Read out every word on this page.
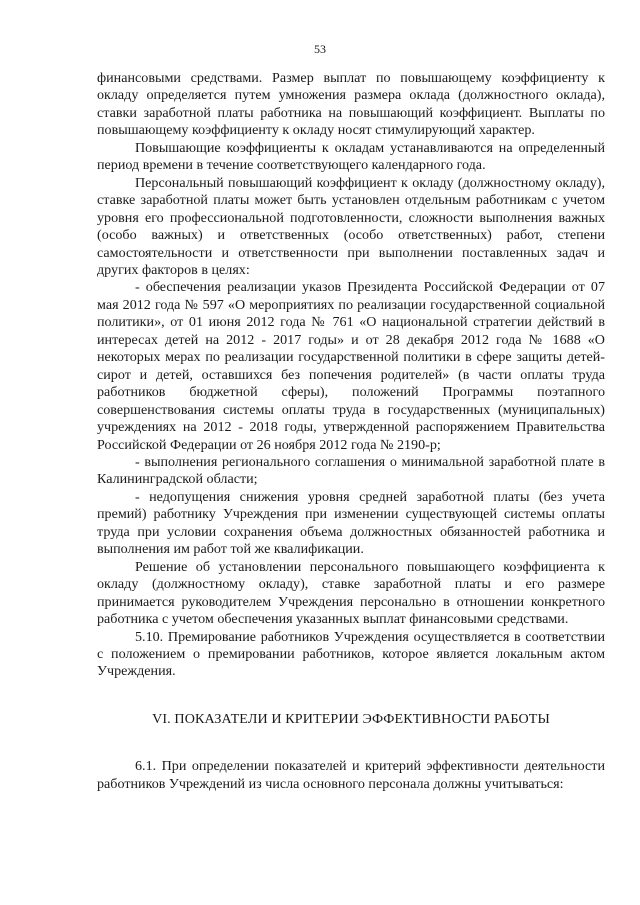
53

финансовыми средствами. Размер выплат по повышающему коэффициенту к окладу определяется путем умножения размера оклада (должностного оклада), ставки заработной платы работника на повышающий коэффициент. Выплаты по повышающему коэффициенту к окладу носят стимулирующий характер.

Повышающие коэффициенты к окладам устанавливаются на определенный период времени в течение соответствующего календарного года.

Персональный повышающий коэффициент к окладу (должностному окладу), ставке заработной платы может быть установлен отдельным работникам с учетом уровня его профессиональной подготовленности, сложности выполнения важных (особо важных) и ответственных (особо ответственных) работ, степени самостоятельности и ответственности при выполнении поставленных задач и других факторов в целях:

- обеспечения реализации указов Президента Российской Федерации от 07 мая 2012 года № 597 «О мероприятиях по реализации государственной социальной политики», от 01 июня 2012 года № 761 «О национальной стратегии действий в интересах детей на 2012 - 2017 годы» и от 28 декабря 2012 года № 1688 «О некоторых мерах по реализации государственной политики в сфере защиты детей-сирот и детей, оставшихся без попечения родителей» (в части оплаты труда работников бюджетной сферы), положений Программы поэтапного совершенствования системы оплаты труда в государственных (муниципальных) учреждениях на 2012 - 2018 годы, утвержденной распоряжением Правительства Российской Федерации от 26 ноября 2012 года № 2190-р;

- выполнения регионального соглашения о минимальной заработной плате в Калининградской области;

- недопущения снижения уровня средней заработной платы (без учета премий) работнику Учреждения при изменении существующей системы оплаты труда при условии сохранения объема должностных обязанностей работника и выполнения им работ той же квалификации.

Решение об установлении персонального повышающего коэффициента к окладу (должностному окладу), ставке заработной платы и его размере принимается руководителем Учреждения персонально в отношении конкретного работника с учетом обеспечения указанных выплат финансовыми средствами.

5.10. Премирование работников Учреждения осуществляется в соответствии с положением о премировании работников, которое является локальным актом Учреждения.

VI. ПОКАЗАТЕЛИ И КРИТЕРИИ ЭФФЕКТИВНОСТИ РАБОТЫ

6.1. При определении показателей и критерий эффективности деятельности работников Учреждений из числа основного персонала должны учитываться:
